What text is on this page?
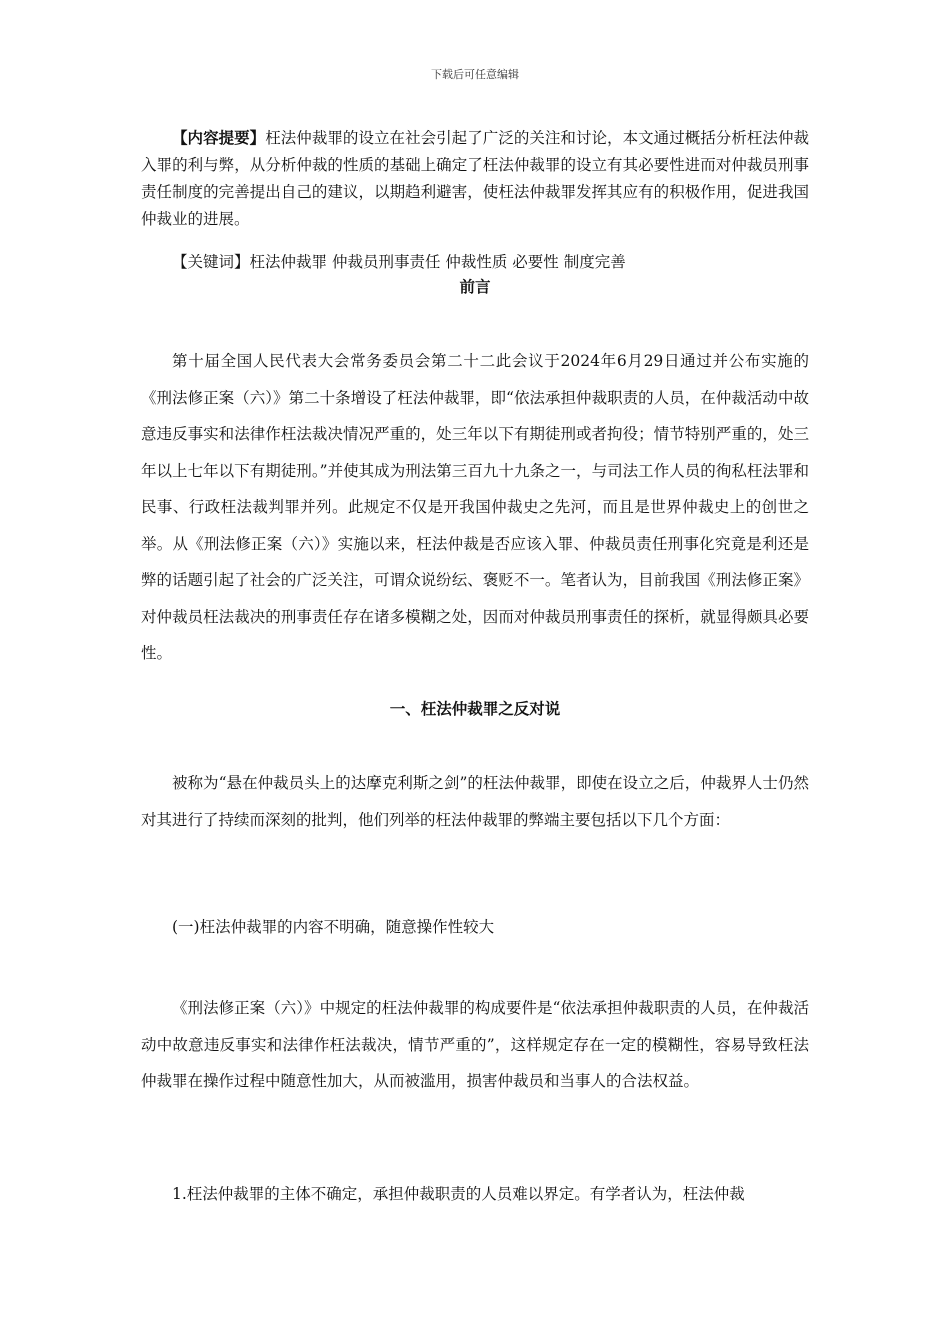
下载后可任意编辑

【内容提要】枉法仲裁罪的设立在社会引起了广泛的关注和讨论，本文通过概括分析枉法仲裁入罪的利与弊，从分析仲裁的性质的基础上确定了枉法仲裁罪的设立有其必要性进而对仲裁员刑事责任制度的完善提出自己的建议，以期趋利避害，使枉法仲裁罪发挥其应有的积极作用，促进我国仲裁业的进展。

【关键词】枉法仲裁罪 仲裁员刑事责任 仲裁性质 必要性 制度完善

前言

第十届全国人民代表大会常务委员会第二十二此会议于2024年6月29日通过并公布实施的《刑法修正案（六）》第二十条增设了枉法仲裁罪，即“依法承担仲裁职责的人员，在仲裁活动中故意违反事实和法律作枉法裁决情况严重的，处三年以下有期徒刑或者拘役；情节特别严重的，处三年以上七年以下有期徒刑。”并使其成为刑法第三百九十九条之一，与司法工作人员的徇私枉法罪和民事、行政枉法裁判罪并列。此规定不仅是开我国仲裁史之先河，而且是世界仲裁史上的创世之举。从《刑法修正案（六）》实施以来，枉法仲裁是否应该入罪、仲裁员责任刑事化究竟是利还是弊的话题引起了社会的广泛关注，可谓众说纷纭、褒贬不一。笔者认为，目前我国《刑法修正案》对仲裁员枉法裁决的刑事责任存在诸多模糊之处，因而对仲裁员刑事责任的探析，就显得颇具必要性。

一、枉法仲裁罪之反对说

被称为“悬在仲裁员头上的达摩克利斯之剑”的枉法仲裁罪，即使在设立之后，仲裁界人士仍然对其进行了持续而深刻的批判，他们列举的枉法仲裁罪的弊端主要包括以下几个方面：

(一)枉法仲裁罪的内容不明确，随意操作性较大

《刑法修正案（六）》中规定的枉法仲裁罪的构成要件是“依法承担仲裁职责的人员，在仲裁活动中故意违反事实和法律作枉法裁决，情节严重的”，这样规定存在一定的模糊性，容易导致枉法仲裁罪在操作过程中随意性加大，从而被滥用，损害仲裁员和当事人的合法权益。

1.枉法仲裁罪的主体不确定，承担仲裁职责的人员难以界定。有学者认为，枉法仲裁
